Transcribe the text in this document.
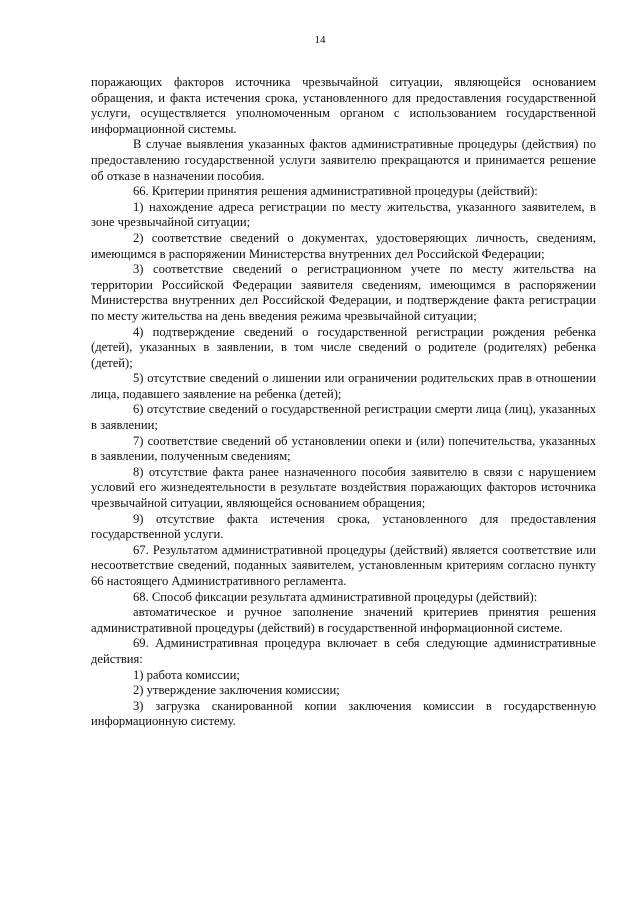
14

поражающих факторов источника чрезвычайной ситуации, являющейся основанием обращения, и факта истечения срока, установленного для предоставления государственной услуги, осуществляется уполномоченным органом с использованием государственной информационной системы.

В случае выявления указанных фактов административные процедуры (действия) по предоставлению государственной услуги заявителю прекращаются и принимается решение об отказе в назначении пособия.

66. Критерии принятия решения административной процедуры (действий):

1) нахождение адреса регистрации по месту жительства, указанного заявителем, в зоне чрезвычайной ситуации;

2) соответствие сведений о документах, удостоверяющих личность, сведениям, имеющимся в распоряжении Министерства внутренних дел Российской Федерации;

3) соответствие сведений о регистрационном учете по месту жительства на территории Российской Федерации заявителя сведениям, имеющимся в распоряжении Министерства внутренних дел Российской Федерации, и подтверждение факта регистрации по месту жительства на день введения режима чрезвычайной ситуации;

4) подтверждение сведений о государственной регистрации рождения ребенка (детей), указанных в заявлении, в том числе сведений о родителе (родителях) ребенка (детей);

5) отсутствие сведений о лишении или ограничении родительских прав в отношении лица, подавшего заявление на ребенка (детей);

6) отсутствие сведений о государственной регистрации смерти лица (лиц), указанных в заявлении;

7) соответствие сведений об установлении опеки и (или) попечительства, указанных в заявлении, полученным сведениям;

8) отсутствие факта ранее назначенного пособия заявителю в связи с нарушением условий его жизнедеятельности в результате воздействия поражающих факторов источника чрезвычайной ситуации, являющейся основанием обращения;

9) отсутствие факта истечения срока, установленного для предоставления государственной услуги.

67. Результатом административной процедуры (действий) является соответствие или несоответствие сведений, поданных заявителем, установленным критериям согласно пункту 66 настоящего Административного регламента.

68. Способ фиксации результата административной процедуры (действий):

автоматическое и ручное заполнение значений критериев принятия решения административной процедуры (действий) в государственной информационной системе.

69. Административная процедура включает в себя следующие административные действия:

1) работа комиссии;

2) утверждение заключения комиссии;

3) загрузка сканированной копии заключения комиссии в государственную информационную систему.
